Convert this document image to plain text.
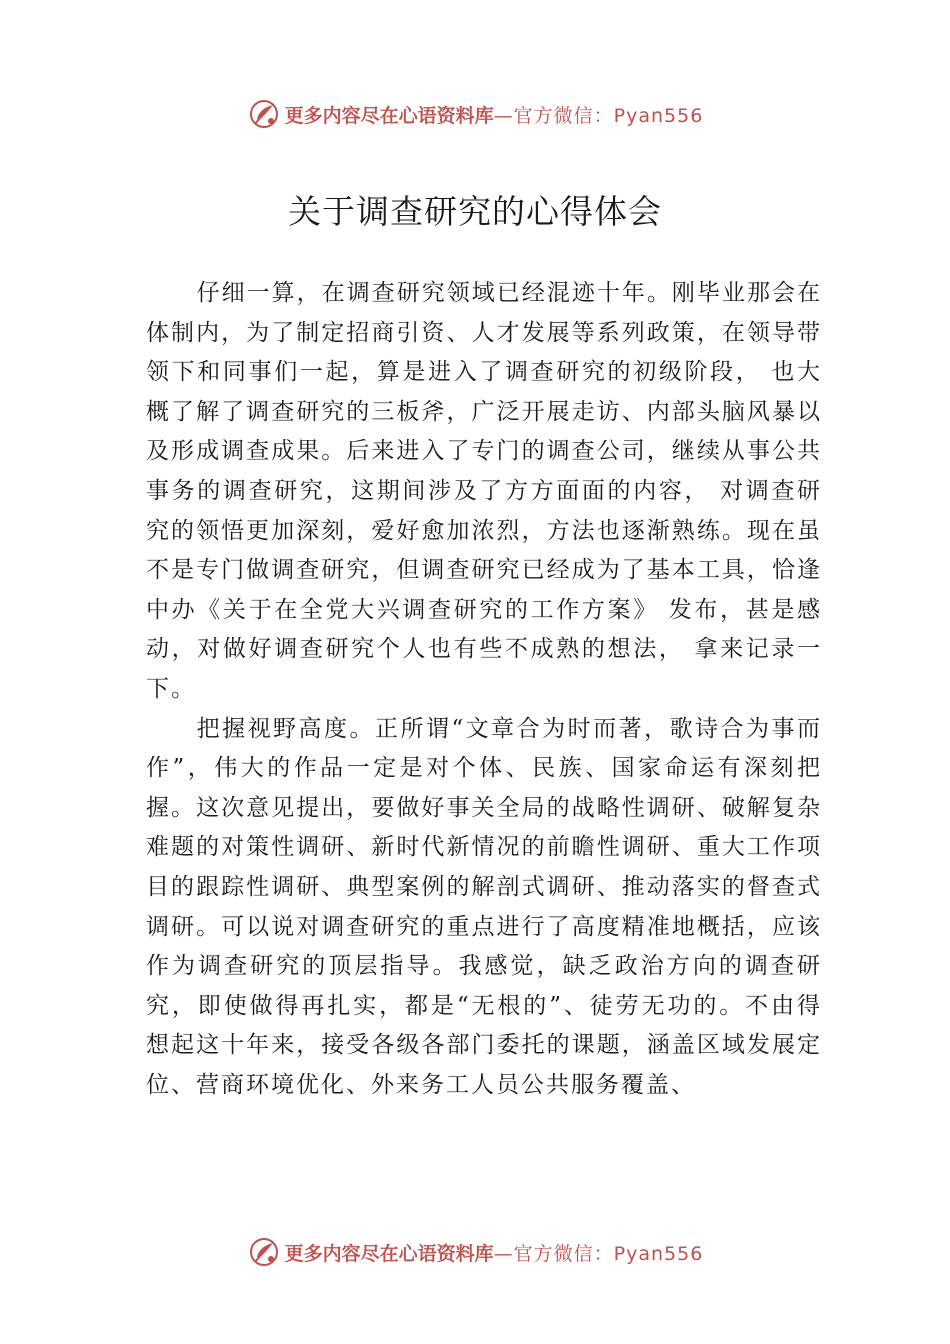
更多内容尽在心语资料库 —官方微信：Pyan556
关于调查研究的心得体会

仔细一算，在调查研究领域已经混迹十年。刚毕业那会在体制内，为了制定招商引资、人才发展等系列政策，在领导带领下和同事们一起，算是进入了调查研究的初级阶段， 也大概了解了调查研究的三板斧，广泛开展走访、内部头脑风暴以及形成调查成果。后来进入了专门的调查公司，继续从事公共事务的调查研究，这期间涉及了方方面面的内容， 对调查研究的领悟更加深刻，爱好愈加浓烈，方法也逐渐熟练。现在虽不是专门做调查研究，但调查研究已经成为了基本工具，恰逢中办《关于在全党大兴调查研究的工作方案》 发布，甚是感动，对做好调查研究个人也有些不成熟的想法， 拿来记录一下。

把握视野高度。正所谓“文章合为时而著，歌诗合为事而作”，伟大的作品一定是对个体、民族、国家命运有深刻把握。这次意见提出，要做好事关全局的战略性调研、破解复杂难题的对策性调研、新时代新情况的前瞻性调研、重大工作项目的跟踪性调研、典型案例的解剖式调研、推动落实的督查式调研。可以说对调查研究的重点进行了高度精准地概括，应该作为调查研究的顶层指导。我感觉，缺乏政治方向的调查研究，即使做得再扎实，都是“无根的”、徒劳无功的。不由得想起这十年来，接受各级各部门委托的课题，涵盖区域发展定位、营商环境优化、外来务工人员公共服务覆盖、

更多内容尽在心语资料库 —官方微信：Pyan556
